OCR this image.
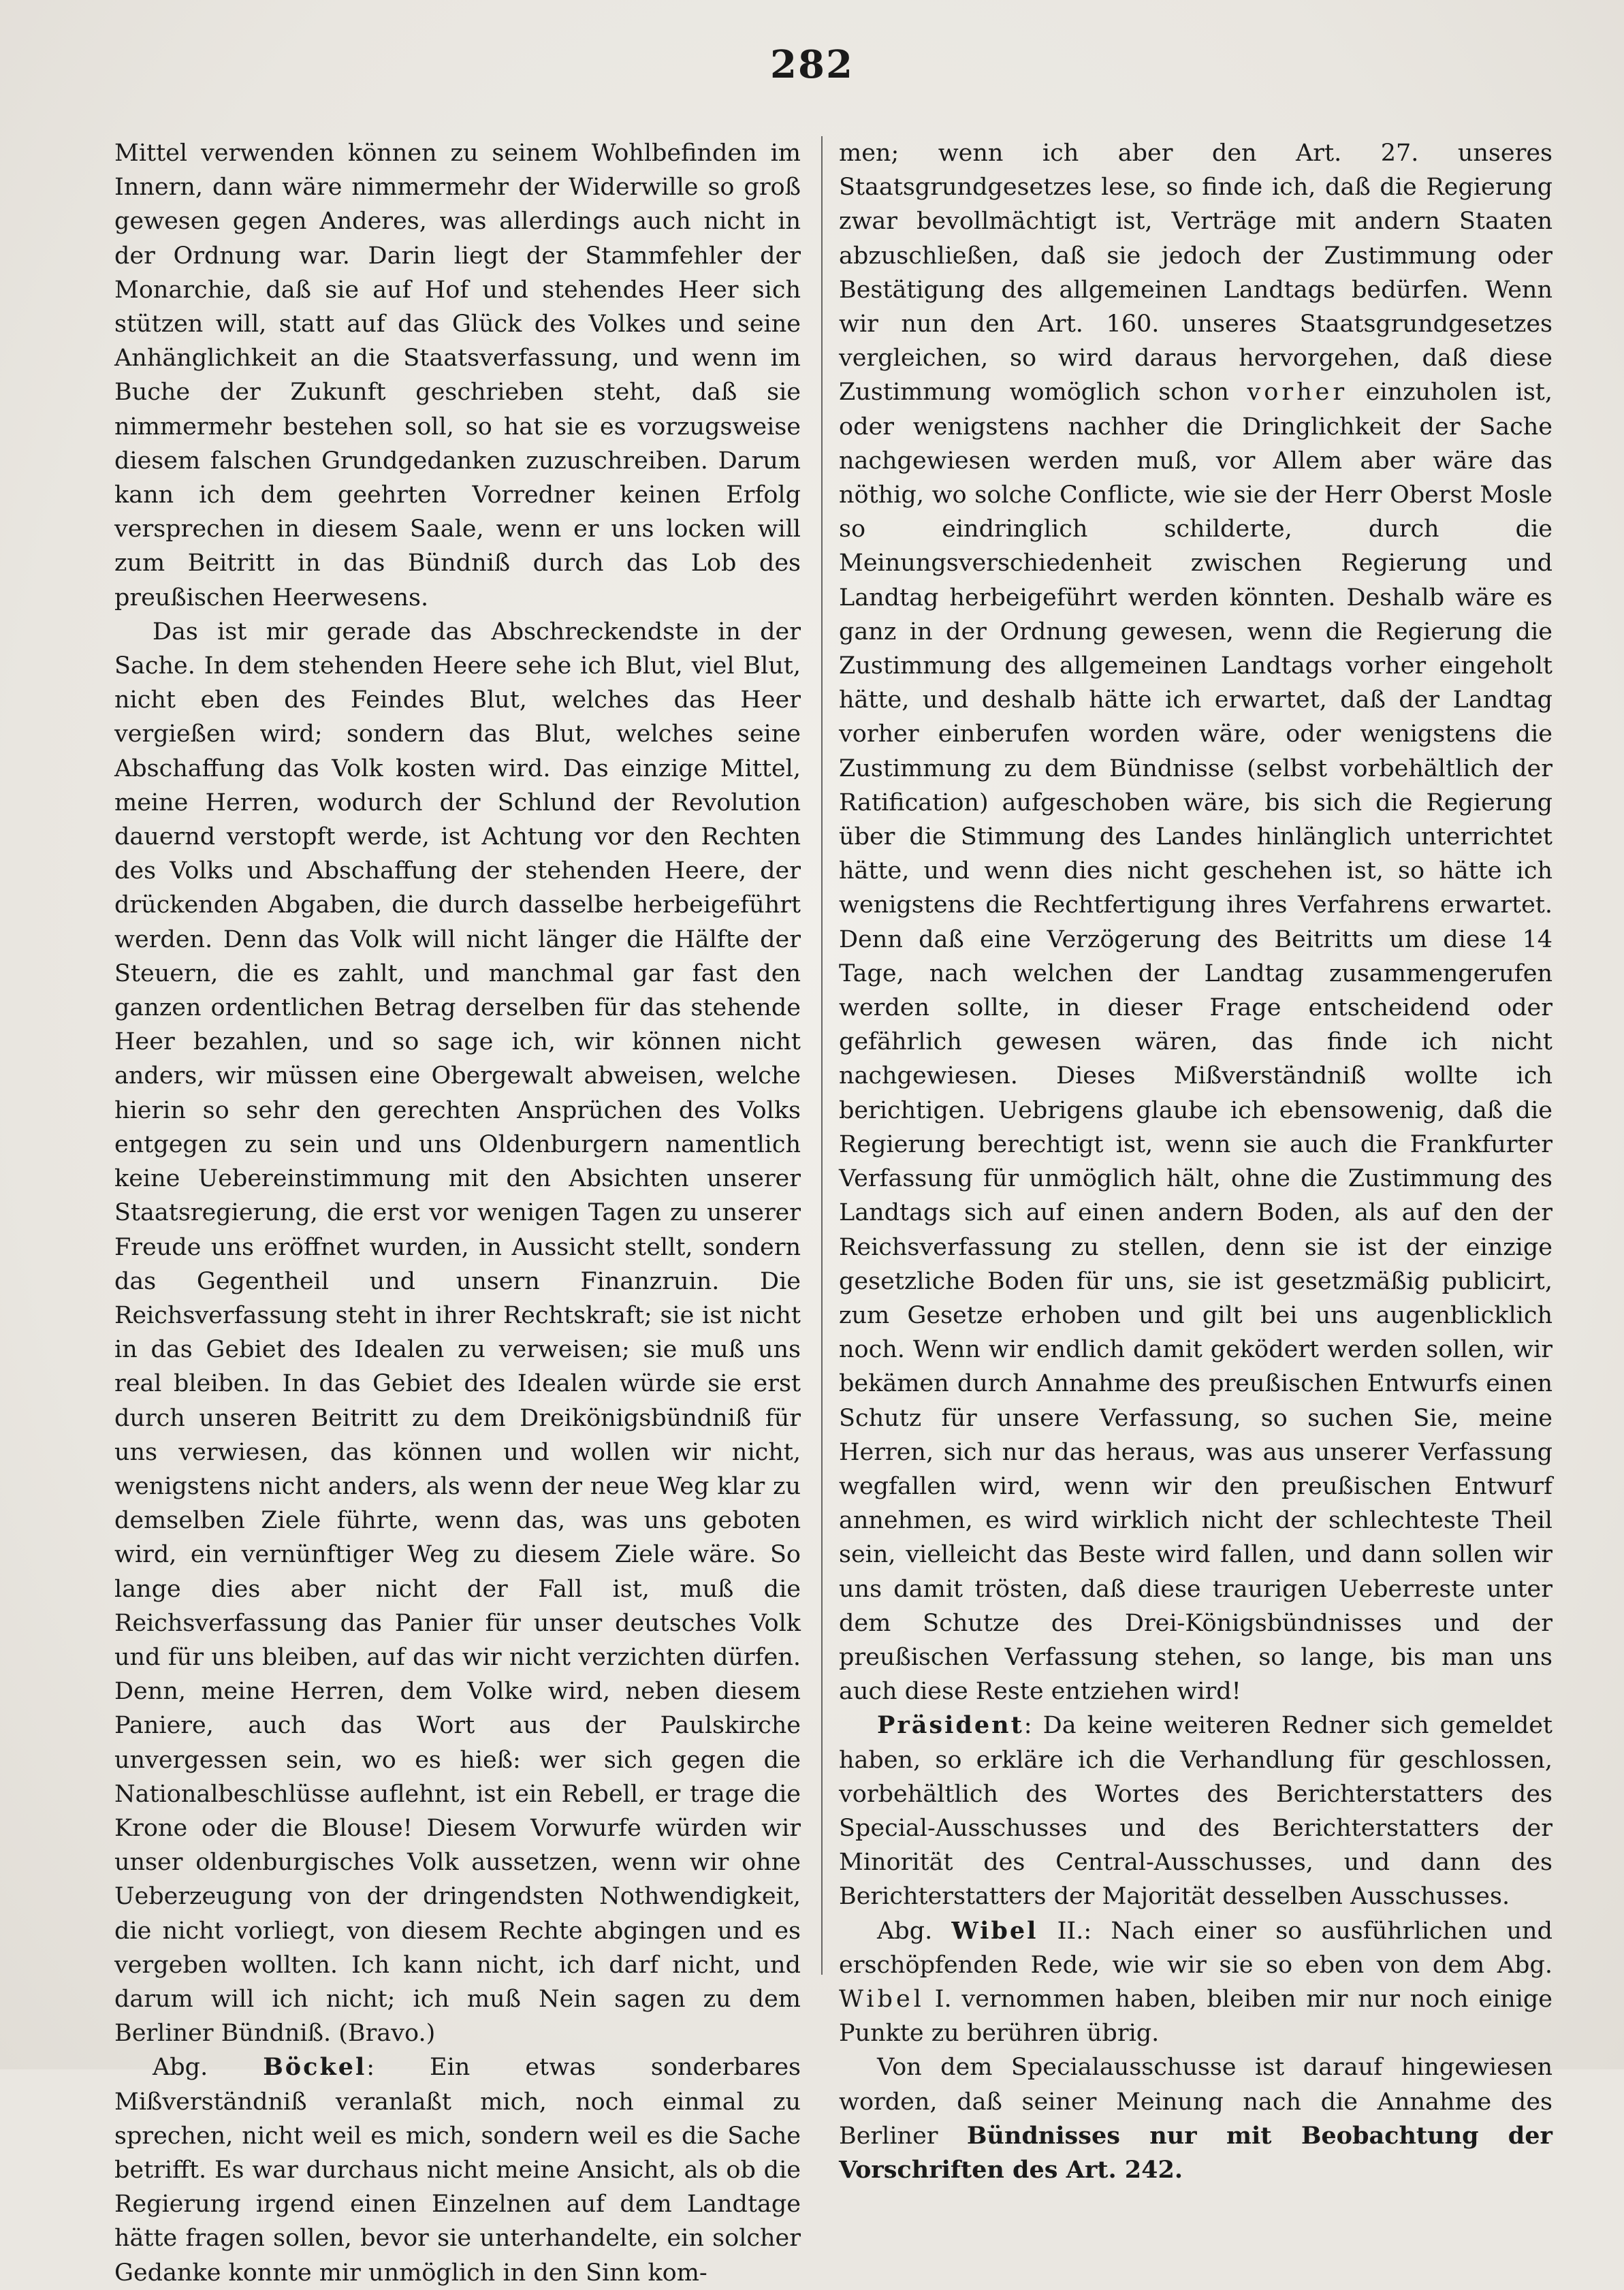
282

Mittel verwenden können zu seinem Wohlbefinden im Innern, dann wäre nimmermehr der Widerwille so groß gewesen gegen Anderes, was allerdings auch nicht in der Ordnung war. Darin liegt der Stammfehler der Monarchie, daß sie auf Hof und stehendes Heer sich stützen will, statt auf das Glück des Volkes und seine Anhänglichkeit an die Staatsverfassung, und wenn im Buche der Zukunft geschrieben steht, daß sie nimmermehr bestehen soll, so hat sie es vorzugsweise diesem falschen Grundgedanken zuzuschreiben. Darum kann ich dem geehrten Vorredner keinen Erfolg versprechen in diesem Saale, wenn er uns locken will zum Beitritt in das Bündniß durch das Lob des preußischen Heerwesens.

Das ist mir gerade das Abschreckendste in der Sache. In dem stehenden Heere sehe ich Blut, viel Blut, nicht eben des Feindes Blut, welches das Heer vergießen wird; sondern das Blut, welches seine Abschaffung das Volk kosten wird. Das einzige Mittel, meine Herren, wodurch der Schlund der Revolution dauernd verstopft werde, ist Achtung vor den Rechten des Volks und Abschaffung der stehenden Heere, der drückenden Abgaben, die durch dasselbe herbeigeführt werden. Denn das Volk will nicht länger die Hälfte der Steuern, die es zahlt, und manchmal gar fast den ganzen ordentlichen Betrag derselben für das stehende Heer bezahlen, und so sage ich, wir können nicht anders, wir müssen eine Obergewalt abweisen, welche hierin so sehr den gerechten Ansprüchen des Volks entgegen zu sein und uns Oldenburgern namentlich keine Uebereinstimmung mit den Absichten unserer Staatsregierung, die erst vor wenigen Tagen zu unserer Freude uns eröffnet wurden, in Aussicht stellt, sondern das Gegentheil und unsern Finanzruin. Die Reichsverfassung steht in ihrer Rechtskraft; sie ist nicht in das Gebiet des Idealen zu verweisen; sie muß uns real bleiben. In das Gebiet des Idealen würde sie erst durch unseren Beitritt zu dem Dreikönigsbündniß für uns verwiesen, das können und wollen wir nicht, wenigstens nicht anders, als wenn der neue Weg klar zu demselben Ziele führte, wenn das, was uns geboten wird, ein vernünftiger Weg zu diesem Ziele wäre. So lange dies aber nicht der Fall ist, muß die Reichsverfassung das Panier für unser deutsches Volk und für uns bleiben, auf das wir nicht verzichten dürfen. Denn, meine Herren, dem Volke wird, neben diesem Paniere, auch das Wort aus der Paulskirche unvergessen sein, wo es hieß: wer sich gegen die Nationalbeschlüsse auflehnt, ist ein Rebell, er trage die Krone oder die Blouse! Diesem Vorwurfe würden wir unser oldenburgisches Volk aussetzen, wenn wir ohne Ueberzeugung von der dringendsten Nothwendigkeit, die nicht vorliegt, von diesem Rechte abgingen und es vergeben wollten. Ich kann nicht, ich darf nicht, und darum will ich nicht; ich muß Nein sagen zu dem Berliner Bündniß. (Bravo.)

Abg. Böckel: Ein etwas sonderbares Mißverständniß veranlaßt mich, noch einmal zu sprechen, nicht weil es mich, sondern weil es die Sache betrifft. Es war durchaus nicht meine Ansicht, als ob die Regierung irgend einen Einzelnen auf dem Landtage hätte fragen sollen, bevor sie unterhandelte, ein solcher Gedanke konnte mir unmöglich in den Sinn kom-

men; wenn ich aber den Art. 27. unseres Staatsgrundgesetzes lese, so finde ich, daß die Regierung zwar bevollmächtigt ist, Verträge mit andern Staaten abzuschließen, daß sie jedoch der Zustimmung oder Bestätigung des allgemeinen Landtags bedürfen. Wenn wir nun den Art. 160. unseres Staatsgrundgesetzes vergleichen, so wird daraus hervorgehen, daß diese Zustimmung womöglich schon vorher einzuholen ist, oder wenigstens nachher die Dringlichkeit der Sache nachgewiesen werden muß, vor Allem aber wäre das nöthig, wo solche Conflicte, wie sie der Herr Oberst Mosle so eindringlich schilderte, durch die Meinungsverschiedenheit zwischen Regierung und Landtag herbeigeführt werden könnten. Deshalb wäre es ganz in der Ordnung gewesen, wenn die Regierung die Zustimmung des allgemeinen Landtags vorher eingeholt hätte, und deshalb hätte ich erwartet, daß der Landtag vorher einberufen worden wäre, oder wenigstens die Zustimmung zu dem Bündnisse (selbst vorbehältlich der Ratification) aufgeschoben wäre, bis sich die Regierung über die Stimmung des Landes hinlänglich unterrichtet hätte, und wenn dies nicht geschehen ist, so hätte ich wenigstens die Rechtfertigung ihres Verfahrens erwartet. Denn daß eine Verzögerung des Beitritts um diese 14 Tage, nach welchen der Landtag zusammengerufen werden sollte, in dieser Frage entscheidend oder gefährlich gewesen wären, das finde ich nicht nachgewiesen. Dieses Mißverständniß wollte ich berichtigen. Uebrigens glaube ich ebensowenig, daß die Regierung berechtigt ist, wenn sie auch die Frankfurter Verfassung für unmöglich hält, ohne die Zustimmung des Landtags sich auf einen andern Boden, als auf den der Reichsverfassung zu stellen, denn sie ist der einzige gesetzliche Boden für uns, sie ist gesetzmäßig publicirt, zum Gesetze erhoben und gilt bei uns augenblicklich noch. Wenn wir endlich damit geködert werden sollen, wir bekämen durch Annahme des preußischen Entwurfs einen Schutz für unsere Verfassung, so suchen Sie, meine Herren, sich nur das heraus, was aus unserer Verfassung wegfallen wird, wenn wir den preußischen Entwurf annehmen, es wird wirklich nicht der schlechteste Theil sein, vielleicht das Beste wird fallen, und dann sollen wir uns damit trösten, daß diese traurigen Ueberreste unter dem Schutze des Drei-Königsbündnisses und der preußischen Verfassung stehen, so lange, bis man uns auch diese Reste entziehen wird!

Präsident: Da keine weiteren Redner sich gemeldet haben, so erkläre ich die Verhandlung für geschlossen, vorbehältlich des Wortes des Berichterstatters des Special-Ausschusses und des Berichterstatters der Minorität des Central-Ausschusses, und dann des Berichterstatters der Majorität desselben Ausschusses.

Abg. Wibel II.: Nach einer so ausführlichen und erschöpfenden Rede, wie wir sie so eben von dem Abg. Wibel I. vernommen haben, bleiben mir nur noch einige Punkte zu berühren übrig.

Von dem Specialausschusse ist darauf hingewiesen worden, daß seiner Meinung nach die Annahme des Berliner Bündnisses nur mit Beobachtung der Vorschriften des Art. 242.
